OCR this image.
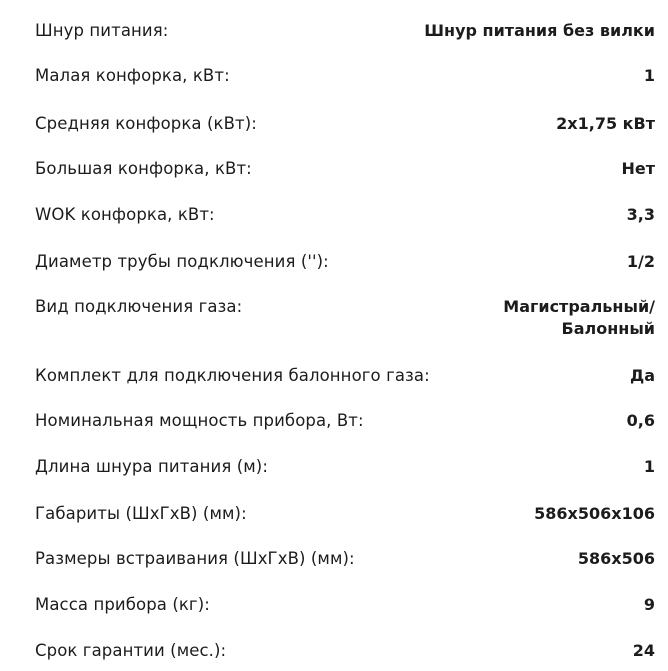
Шнур питания:	Шнур питания без вилки
Малая конфорка, кВт:	1
Средняя конфорка (кВт):	2х1,75 кВт
Большая конфорка, кВт:	Нет
WOK конфорка, кВт:	3,3
Диаметр трубы подключения (''):	1/2
Вид подключения газа:	Магистральный/
Балонный
Комплект для подключения балонного газа:	Да
Номинальная мощность прибора, Вт:	0,6
Длина шнура питания (м):	1
Габариты (ШхГхВ) (мм):	586х506х106
Размеры встраивания (ШхГхВ) (мм):	586х506
Масса прибора (кг):	9
Срок гарантии (мес.):	24
